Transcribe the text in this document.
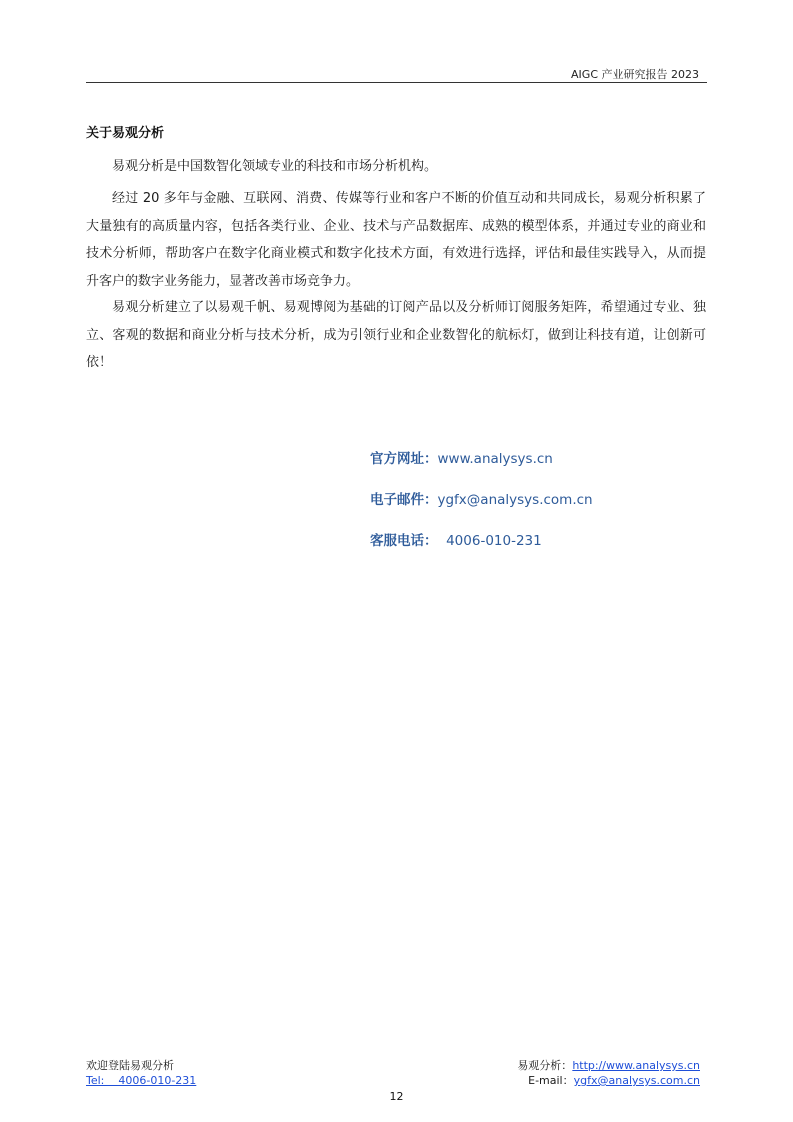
AIGC 产业研究报告 2023
关于易观分析

易观分析是中国数智化领域专业的科技和市场分析机构。

经过 20 多年与金融、互联网、消费、传媒等行业和客户不断的价值互动和共同成长，易观分析积累了大量独有的高质量内容，包括各类行业、企业、技术与产品数据库、成熟的模型体系，并通过专业的商业和技术分析师，帮助客户在数字化商业模式和数字化技术方面，有效进行选择，评估和最佳实践导入，从而提升客户的数字业务能力，显著改善市场竞争力。

易观分析建立了以易观千帆、易观博阅为基础的订阅产品以及分析师订阅服务矩阵，希望通过专业、独立、客观的数据和商业分析与技术分析，成为引领行业和企业数智化的航标灯，做到让科技有道，让创新可依！

官方网址：www.analysys.cn
电子邮件：ygfx@analysys.com.cn
客服电话： 4006-010-231
欢迎登陆易观分析
Tel:    4006-010-231
易观分析：http://www.analysys.cn
E-mail：ygfx@analysys.com.cn
12
